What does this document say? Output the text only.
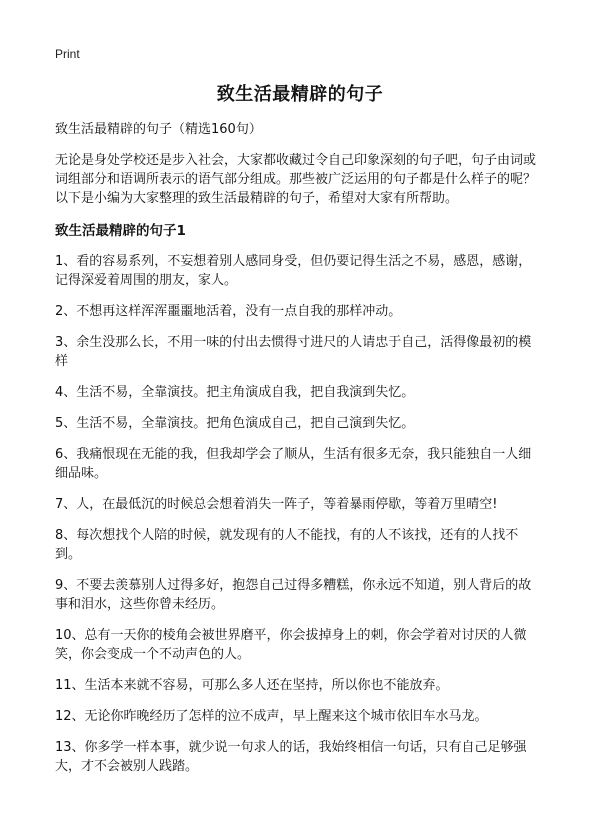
Print
致生活最精辟的句子

致生活最精辟的句子（精选160句）

无论是身处学校还是步入社会，大家都收藏过令自己印象深刻的句子吧，句子由词或词组部分和语调所表示的语气部分组成。那些被广泛运用的句子都是什么样子的呢？以下是小编为大家整理的致生活最精辟的句子，希望对大家有所帮助。

致生活最精辟的句子1

1、看的容易系列，不妄想着别人感同身受，但仍要记得生活之不易，感恩，感谢，记得深爱着周围的朋友，家人。

2、不想再这样浑浑噩噩地活着，没有一点自我的那样冲动。

3、余生没那么长，不用一味的付出去惯得寸进尺的人请忠于自己，活得像最初的模样

4、生活不易，全靠演技。把主角演成自我，把自我演到失忆。

5、生活不易，全靠演技。把角色演成自己，把自己演到失忆。

6、我痛恨现在无能的我，但我却学会了顺从，生活有很多无奈，我只能独自一人细细品味。

7、人，在最低沉的时候总会想着消失一阵子，等着暴雨停歇，等着万里晴空!

8、每次想找个人陪的时候，就发现有的人不能找，有的人不该找，还有的人找不到。

9、不要去羡慕别人过得多好，抱怨自己过得多糟糕，你永远不知道，别人背后的故事和泪水，这些你曾未经历。

10、总有一天你的棱角会被世界磨平，你会拔掉身上的刺，你会学着对讨厌的人微笑，你会变成一个不动声色的人。

11、生活本来就不容易，可那么多人还在坚持，所以你也不能放弃。

12、无论你昨晚经历了怎样的泣不成声，早上醒来这个城市依旧车水马龙。

13、你多学一样本事，就少说一句求人的话，我始终相信一句话，只有自己足够强大，才不会被别人践踏。
